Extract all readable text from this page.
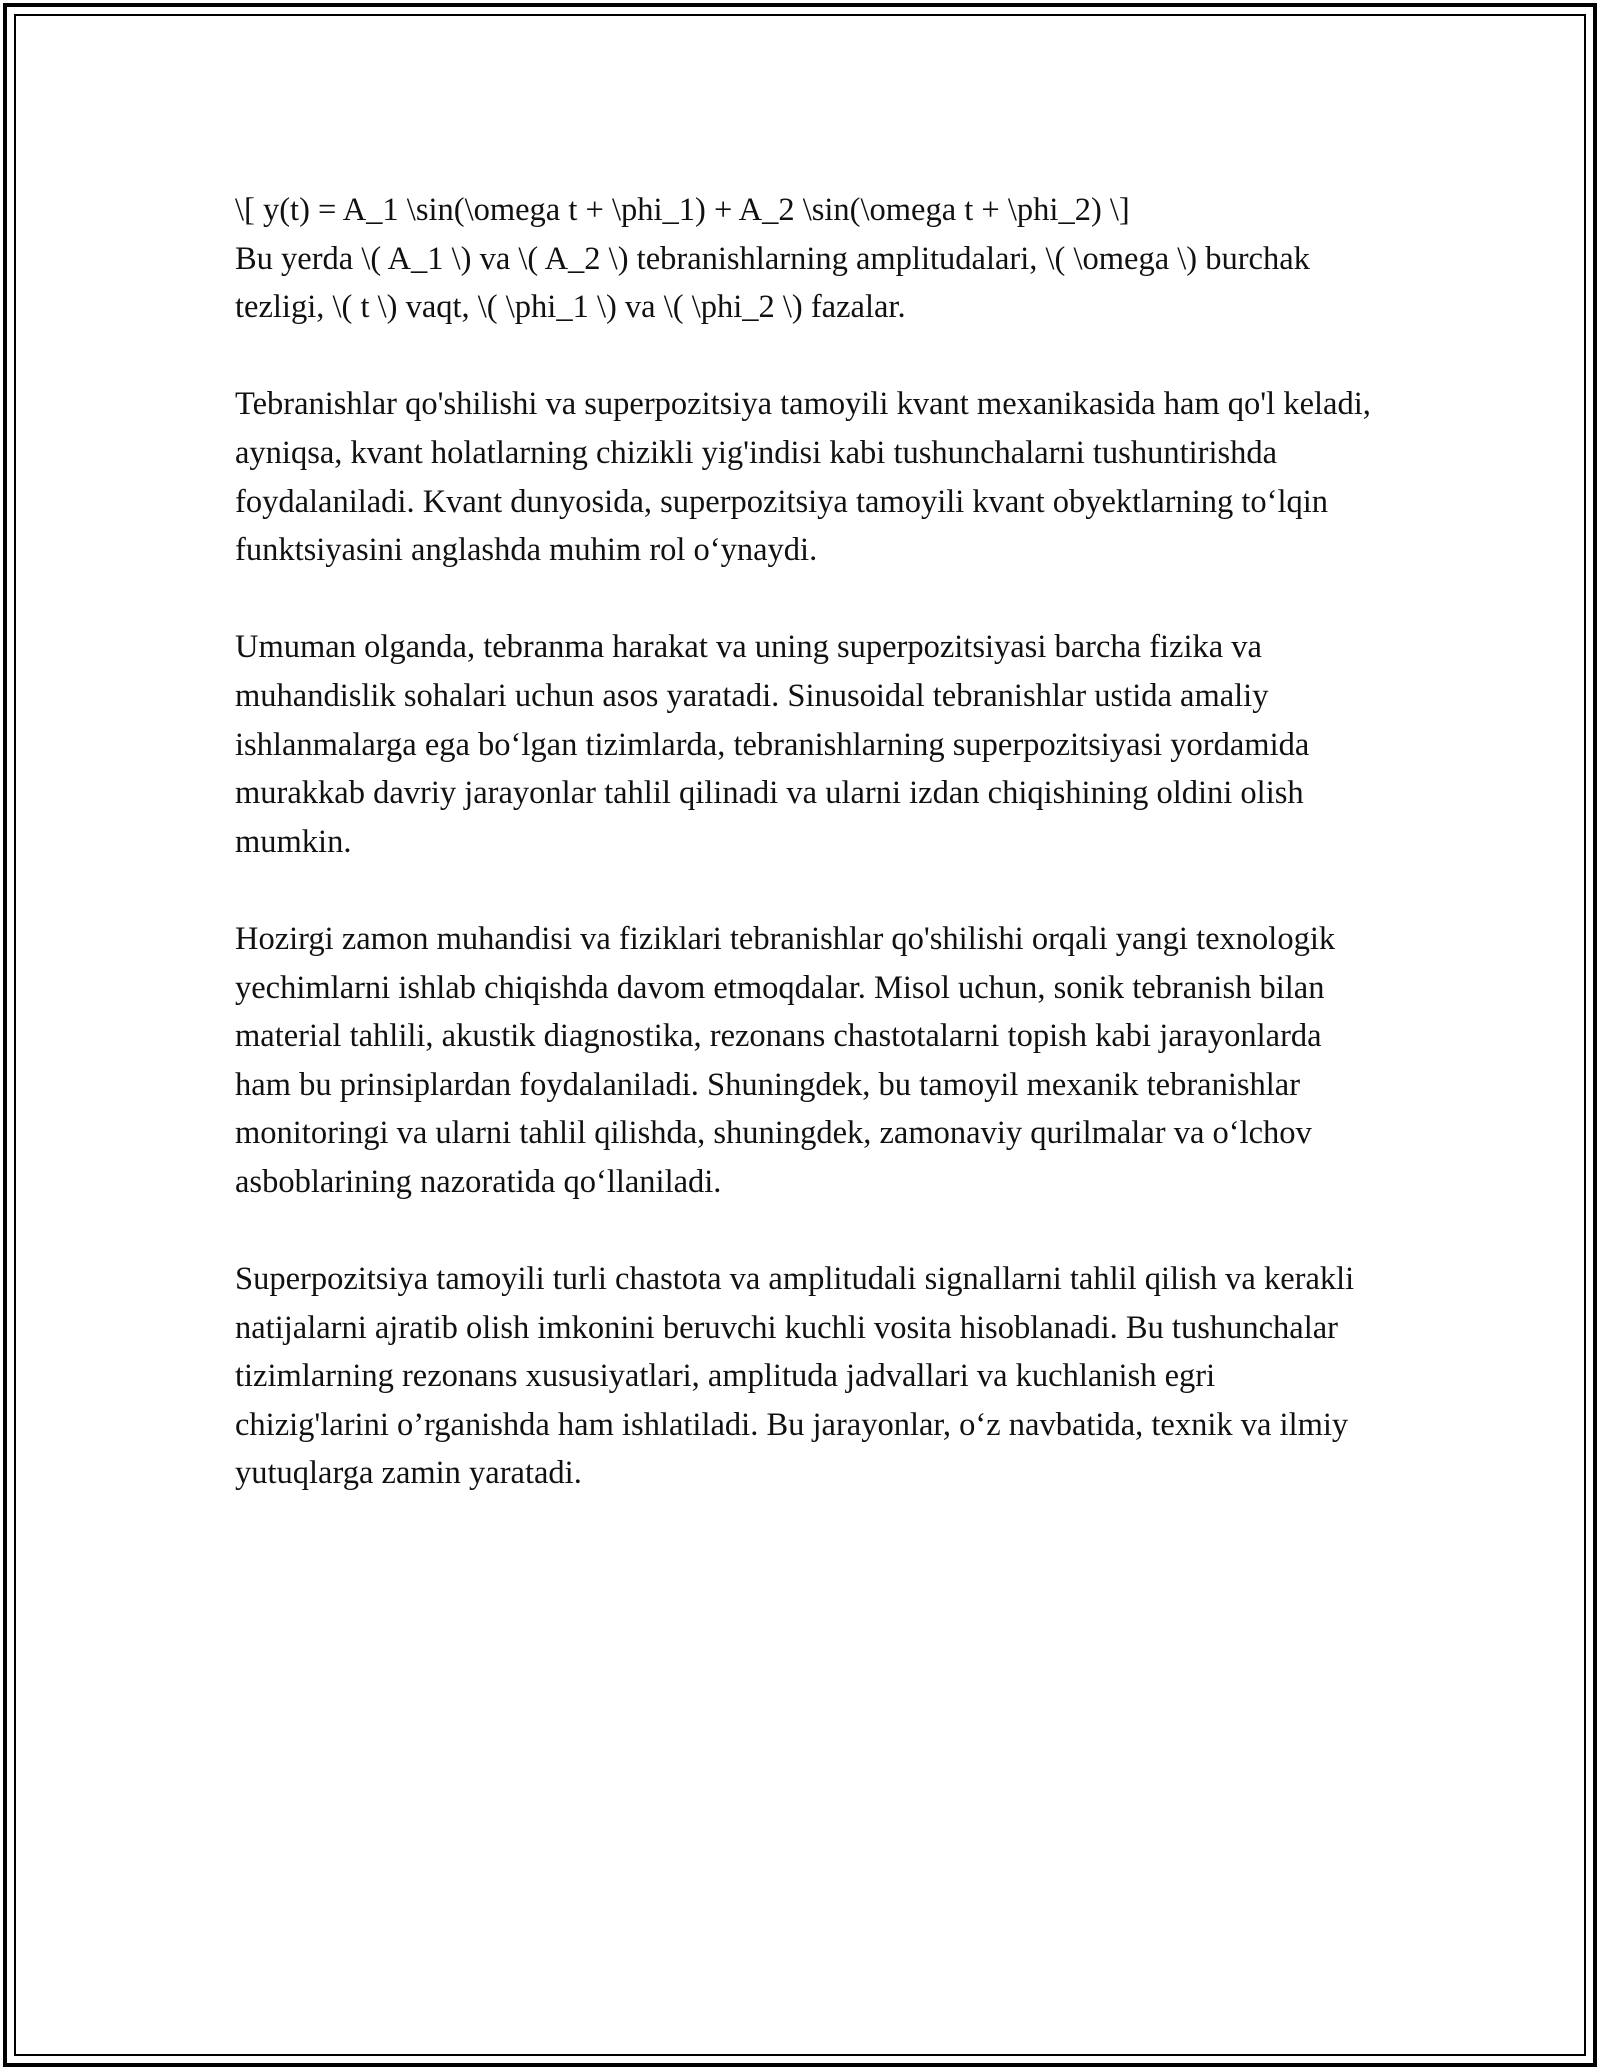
\[ y(t) = A_1 \sin(\omega t + \phi_1) + A_2 \sin(\omega t + \phi_2) \]

Bu yerda \( A_1 \) va \( A_2 \) tebranishlarning amplitudalari, \( \omega \) burchak tezligi, \( t \) vaqt, \( \phi_1 \) va \( \phi_2 \) fazalar.

Tebranishlar qo'shilishi va superpozitsiya tamoyili kvant mexanikasida ham qo'l keladi, ayniqsa, kvant holatlarning chizikli yig'indisi kabi tushunchalarni tushuntirishda foydalaniladi. Kvant dunyosida, superpozitsiya tamoyili kvant obyektlarning to‘lqin funktsiyasini anglashda muhim rol o‘ynaydi.

Umuman olganda, tebranma harakat va uning superpozitsiyasi barcha fizika va muhandislik sohalari uchun asos yaratadi. Sinusoidal tebranishlar ustida amaliy ishlanmalarga ega bo‘lgan tizimlarda, tebranishlarning superpozitsiyasi yordamida murakkab davriy jarayonlar tahlil qilinadi va ularni izdan chiqishining oldini olish mumkin.

Hozirgi zamon muhandisi va fiziklari tebranishlar qo'shilishi orqali yangi texnologik yechimlarni ishlab chiqishda davom etmoqdalar. Misol uchun, sonik tebranish bilan material tahlili, akustik diagnostika, rezonans chastotalarni topish kabi jarayonlarda ham bu prinsiplardan foydalaniladi. Shuningdek, bu tamoyil mexanik tebranishlar monitoringi va ularni tahlil qilishda, shuningdek, zamonaviy qurilmalar va o‘lchov asboblarining nazoratida qo‘llaniladi.

Superpozitsiya tamoyili turli chastota va amplitudali signallarni tahlil qilish va kerakli natijalarni ajratib olish imkonini beruvchi kuchli vosita hisoblanadi. Bu tushunchalar tizimlarning rezonans xususiyatlari, amplituda jadvallari va kuchlanish egri chizig'larini o’rganishda ham ishlatiladi. Bu jarayonlar, o‘z navbatida, texnik va ilmiy yutuqlarga zamin yaratadi.
